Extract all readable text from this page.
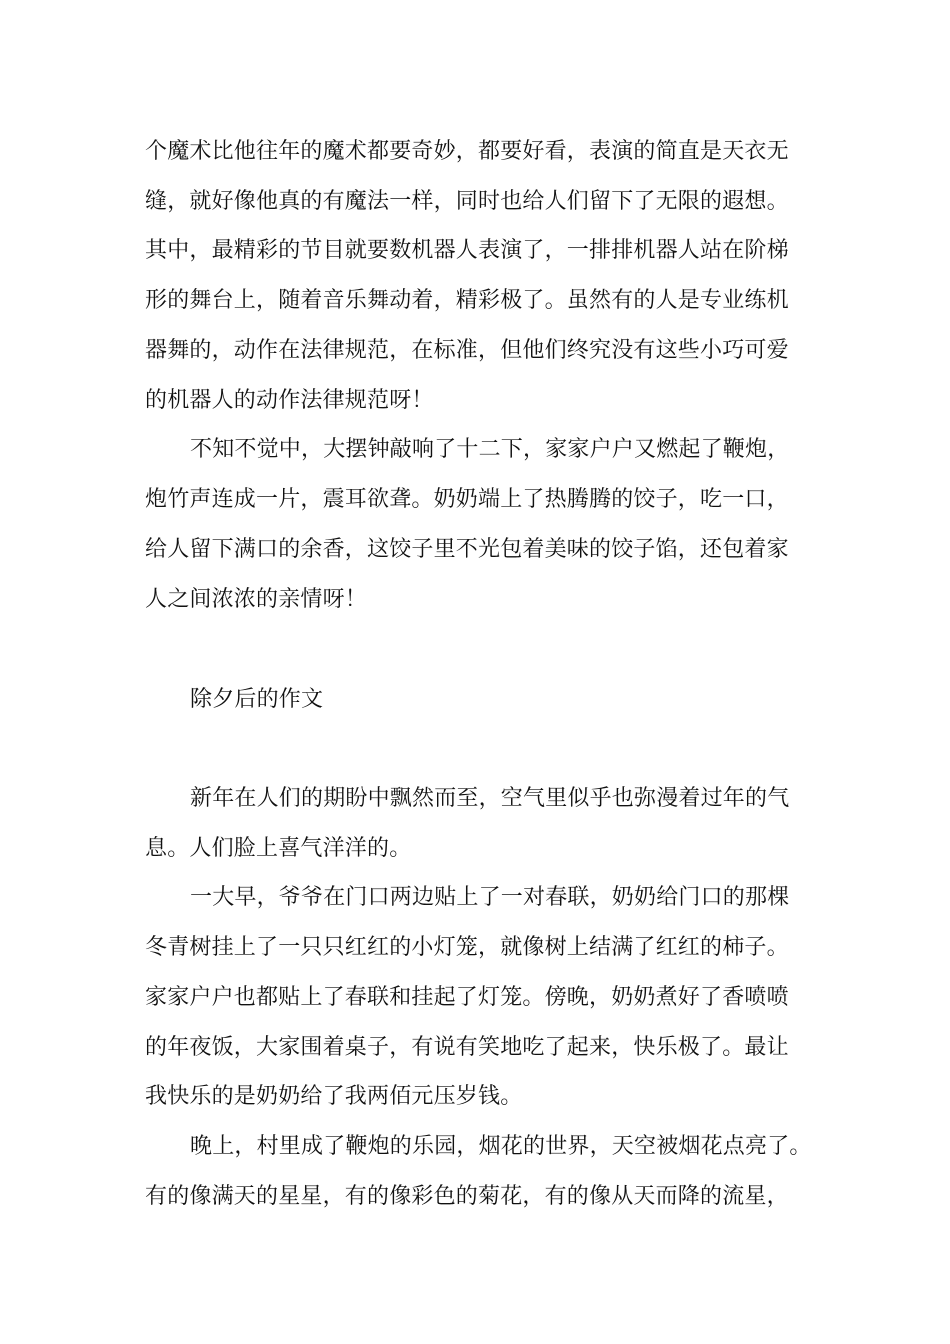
个魔术比他往年的魔术都要奇妙，都要好看，表演的简直是天衣无
缝，就好像他真的有魔法一样，同时也给人们留下了无限的遐想。
其中，最精彩的节目就要数机器人表演了，一排排机器人站在阶梯
形的舞台上，随着音乐舞动着，精彩极了。虽然有的人是专业练机
器舞的，动作在法律规范，在标准，但他们终究没有这些小巧可爱
的机器人的动作法律规范呀！
不知不觉中，大摆钟敲响了十二下，家家户户又燃起了鞭炮，
炮竹声连成一片，震耳欲聋。奶奶端上了热腾腾的饺子，吃一口，
给人留下满口的余香，这饺子里不光包着美味的饺子馅，还包着家
人之间浓浓的亲情呀！
除夕后的作文
新年在人们的期盼中飘然而至，空气里似乎也弥漫着过年的气
息。人们脸上喜气洋洋的。
一大早，爷爷在门口两边贴上了一对春联，奶奶给门口的那棵
冬青树挂上了一只只红红的小灯笼，就像树上结满了红红的柿子。
家家户户也都贴上了春联和挂起了灯笼。傍晚，奶奶煮好了香喷喷
的年夜饭，大家围着桌子，有说有笑地吃了起来，快乐极了。最让
我快乐的是奶奶给了我两佰元压岁钱。
晚上，村里成了鞭炮的乐园，烟花的世界，天空被烟花点亮了。
有的像满天的星星，有的像彩色的菊花，有的像从天而降的流星，
